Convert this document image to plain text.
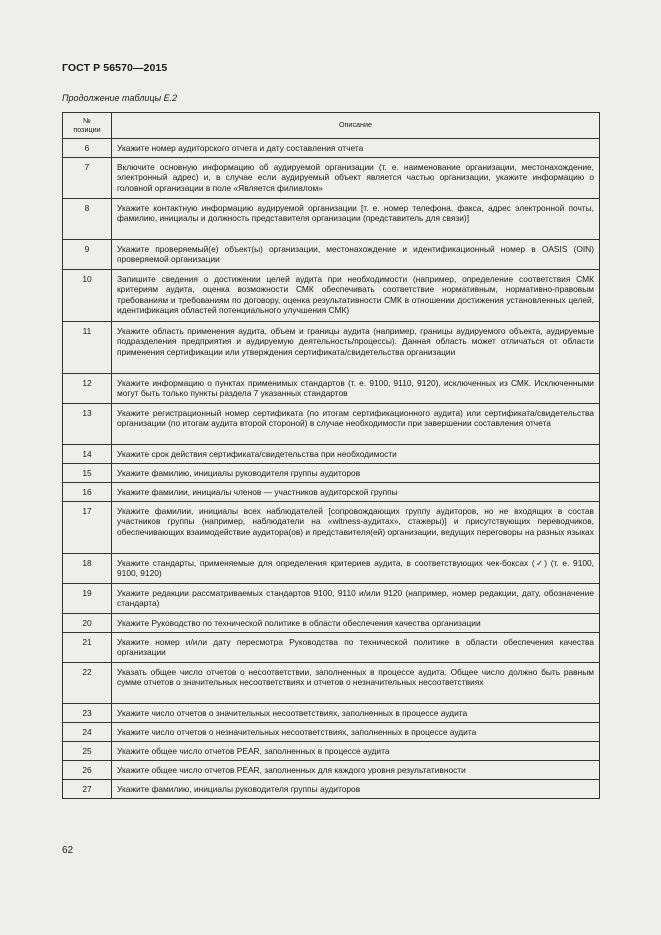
ГОСТ Р 56570—2015
Продолжение таблицы Е.2
№
позиции	Описание
6	Укажите номер аудиторского отчета и дату составления отчета
7	Включите основную информацию об аудируемой организации (т. е. наименование организации, местонахождение, электронный адрес) и, в случае если аудируемый объект является частью организации, укажите информацию о головной организации в поле «Является филиалом»
8	Укажите контактную информацию аудируемой организации [т. е. номер телефона, факса, адрес электронной почты, фамилию, инициалы и должность представителя организации (представитель для связи)]
9	Укажите проверяемый(е) объект(ы) организации, местонахождение и идентификационный номер в OASIS (OIN) проверяемой организации
10	Запишите сведения о достижении целей аудита при необходимости (например, определение соответствия СМК критериям аудита, оценка возможности СМК обеспечивать соответствие нормативным, нормативно-правовым требованиям и требованиям по договору, оценка результативности СМК в отношении достижения установленных целей, идентификация областей потенциального улучшения СМК)
11	Укажите область применения аудита, объем и границы аудита (например, границы аудируемого объекта, аудируемые подразделения предприятия и аудируемую деятельность/процессы). Данная область может отличаться от области применения сертификации или утверждения сертификата/свидетельства организации
12	Укажите информацию о пунктах применимых стандартов (т. е. 9100, 9110, 9120), исключенных из СМК. Исключенными могут быть только пункты раздела 7 указанных стандартов
13	Укажите регистрационный номер сертификата (по итогам сертификационного аудита) или сертификата/свидетельства организации (по итогам аудита второй стороной) в случае необходимости при завершении составления отчета
14	Укажите срок действия сертификата/свидетельства при необходимости
15	Укажите фамилию, инициалы руководителя группы аудиторов
16	Укажите фамилии, инициалы членов — участников аудиторской группы
17	Укажите фамилии, инициалы всех наблюдателей [сопровождающих группу аудиторов, но не входящих в состав участников группы (например, наблюдатели на «witness-аудитах», стажеры)] и присутствующих переводчиков, обеспечивающих взаимодействие аудитора(ов) и представителя(ей) организации, ведущих переговоры на разных языках
18	Укажите стандарты, применяемые для определения критериев аудита, в соответствующих чек-боксах (✓) (т. е. 9100, 9100, 9120)
19	Укажите редакции рассматриваемых стандартов 9100, 9110 и/или 9120 (например, номер редакции, дату, обозначение стандарта)
20	Укажите Руководство по технической политике в области обеспечения качества организации
21	Укажите номер и/или дату пересмотра Руководства по технической политике в области обеспечения качества организации
22	Указать общее число отчетов о несоответствии, заполненных в процессе аудита. Общее число должно быть равным сумме отчетов о значительных несоответствиях и отчетов о незначительных несоответствиях
23	Укажите число отчетов о значительных несоответствиях, заполненных в процессе аудита
24	Укажите число отчетов о незначительных несоответствиях, заполненных в процессе аудита
25	Укажите общее число отчетов PEAR, заполненных в процессе аудита
26	Укажите общее число отчетов PEAR, заполненных для каждого уровня результативности
27	Укажите фамилию, инициалы руководителя группы аудиторов
62
